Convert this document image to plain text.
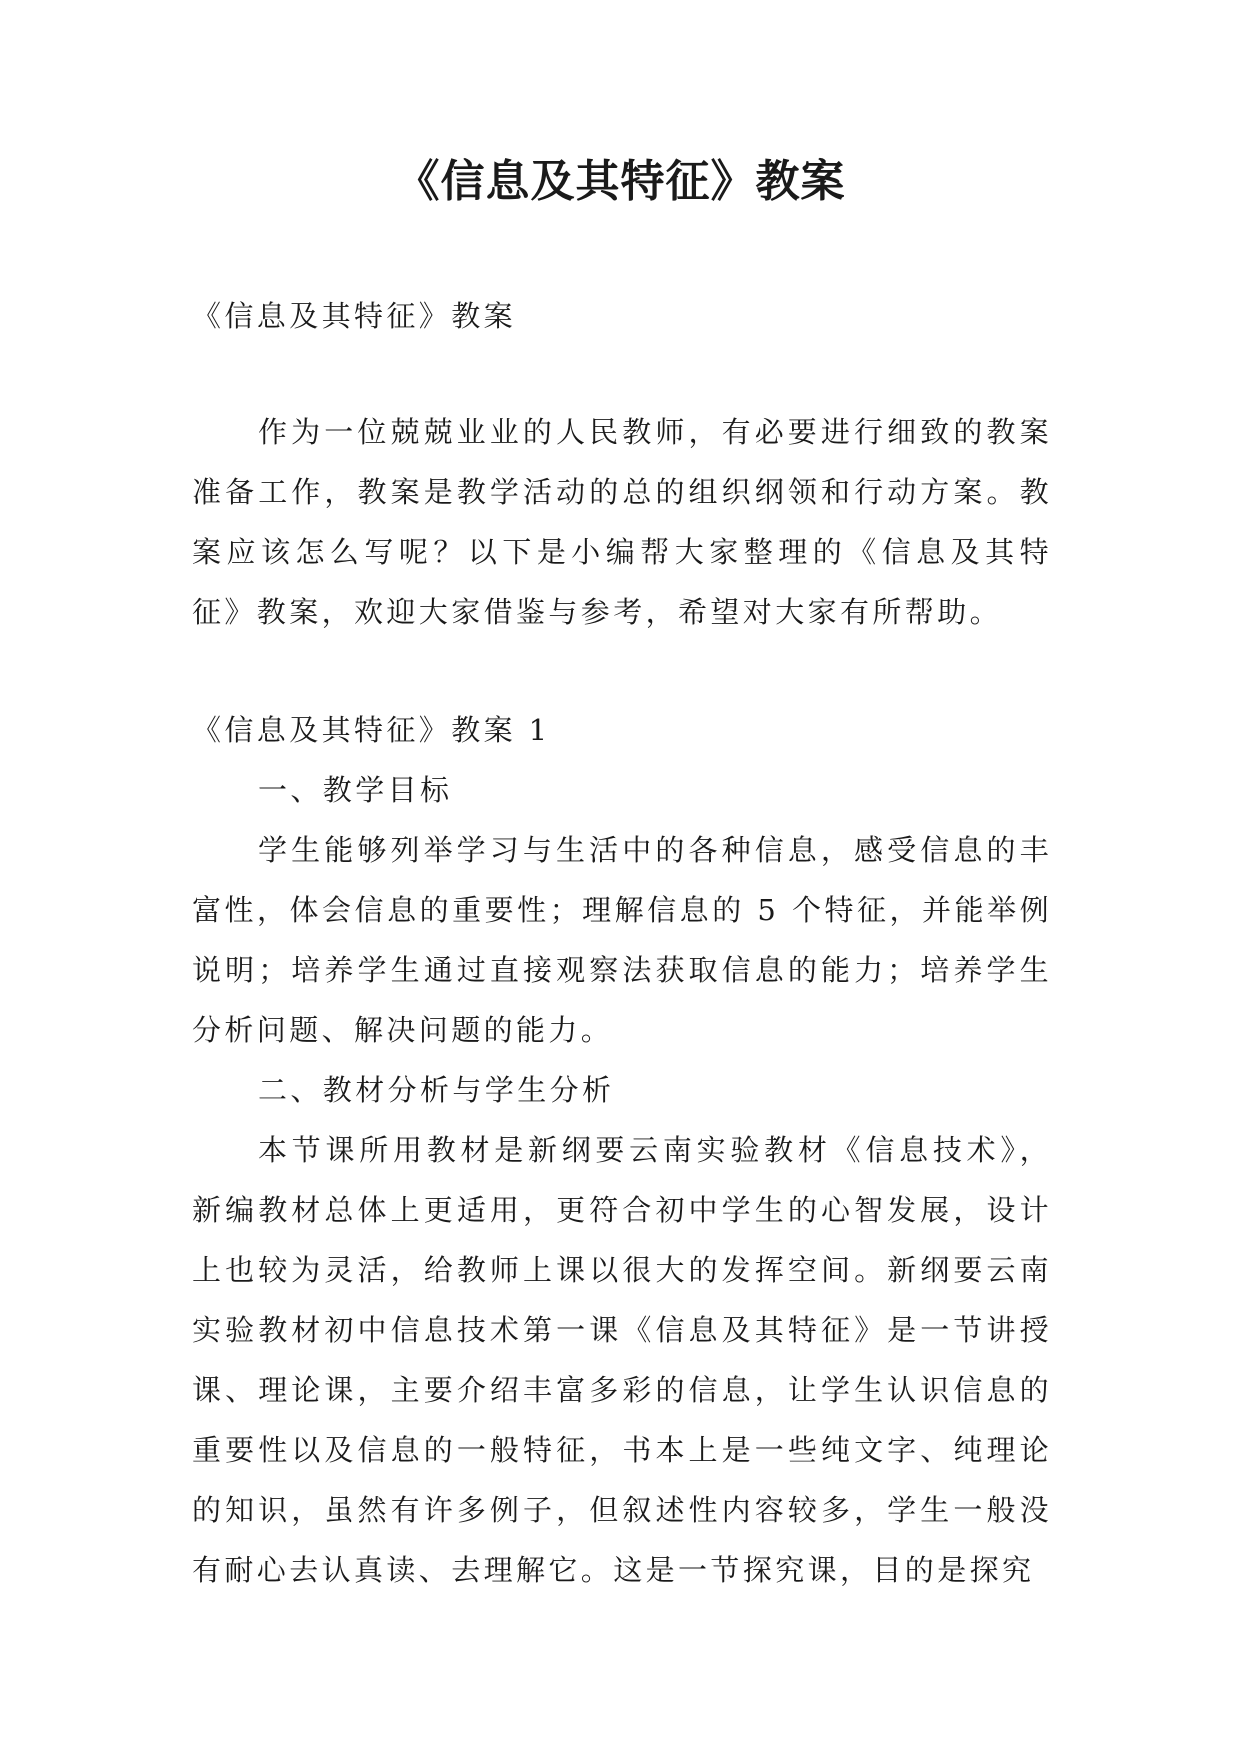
《信息及其特征》教案

《信息及其特征》教案

作为一位兢兢业业的人民教师，有必要进行细致的教案准备工作，教案是教学活动的总的组织纲领和行动方案。教案应该怎么写呢？以下是小编帮大家整理的《信息及其特征》教案，欢迎大家借鉴与参考，希望对大家有所帮助。

《信息及其特征》教案 1

一、教学目标

学生能够列举学习与生活中的各种信息，感受信息的丰富性，体会信息的重要性；理解信息的 5 个特征，并能举例说明；培养学生通过直接观察法获取信息的能力；培养学生分析问题、解决问题的能力。

二、教材分析与学生分析

本节课所用教材是新纲要云南实验教材《信息技术》，新编教材总体上更适用，更符合初中学生的心智发展，设计上也较为灵活，给教师上课以很大的发挥空间。新纲要云南实验教材初中信息技术第一课《信息及其特征》是一节讲授课、理论课，主要介绍丰富多彩的信息，让学生认识信息的重要性以及信息的一般特征，书本上是一些纯文字、纯理论的知识，虽然有许多例子，但叙述性内容较多，学生一般没有耐心去认真读、去理解它。这是一节探究课，目的是探究
